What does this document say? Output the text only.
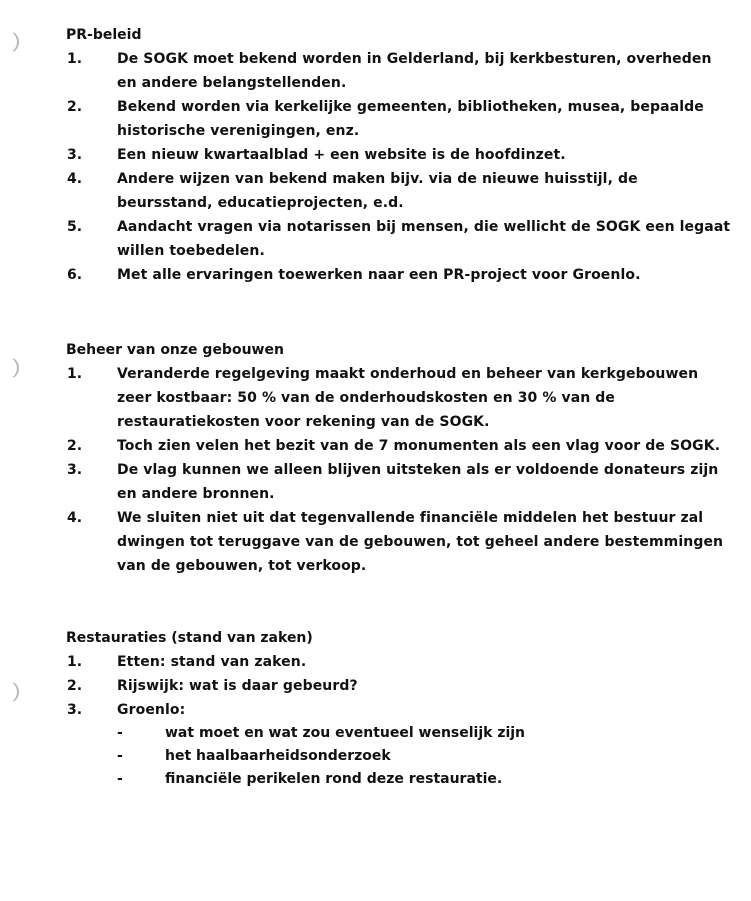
PR-beleid
1.	De SOGK moet bekend worden in Gelderland, bij kerkbesturen, overheden en andere belangstellenden.
2.	Bekend worden via kerkelijke gemeenten, bibliotheken, musea, bepaalde historische verenigingen, enz.
3.	Een nieuw kwartaalblad + een website is de hoofdinzet.
4.	Andere wijzen van bekend maken bijv. via de nieuwe huisstijl, de beursstand, educatieprojecten, e.d.
5.	Aandacht vragen via notarissen bij mensen, die wellicht de SOGK een legaat willen toebedelen.
6.	Met alle ervaringen toewerken naar een PR-project voor Groenlo.
Beheer van onze gebouwen
1.	Veranderde regelgeving maakt onderhoud en beheer van kerkgebouwen zeer kostbaar: 50 % van de onderhoudskosten en 30 % van de restauratiekosten voor rekening van de SOGK.
2.	Toch zien velen het bezit van de 7 monumenten als een vlag voor de SOGK.
3.	De vlag kunnen we alleen blijven uitsteken als er voldoende donateurs zijn en andere bronnen.
4.	We sluiten niet uit dat tegenvallende financiële middelen het bestuur zal dwingen tot teruggave van de gebouwen, tot geheel andere bestemmingen van de gebouwen, tot verkoop.
Restauraties (stand van zaken)
1.	Etten: stand van zaken.
2.	Rijswijk: wat is daar gebeurd?
3.	Groenlo:
-	wat moet en wat zou eventueel wenselijk zijn
-	het haalbaarheidsonderzoek
-	financiële perikelen rond deze restauratie.
